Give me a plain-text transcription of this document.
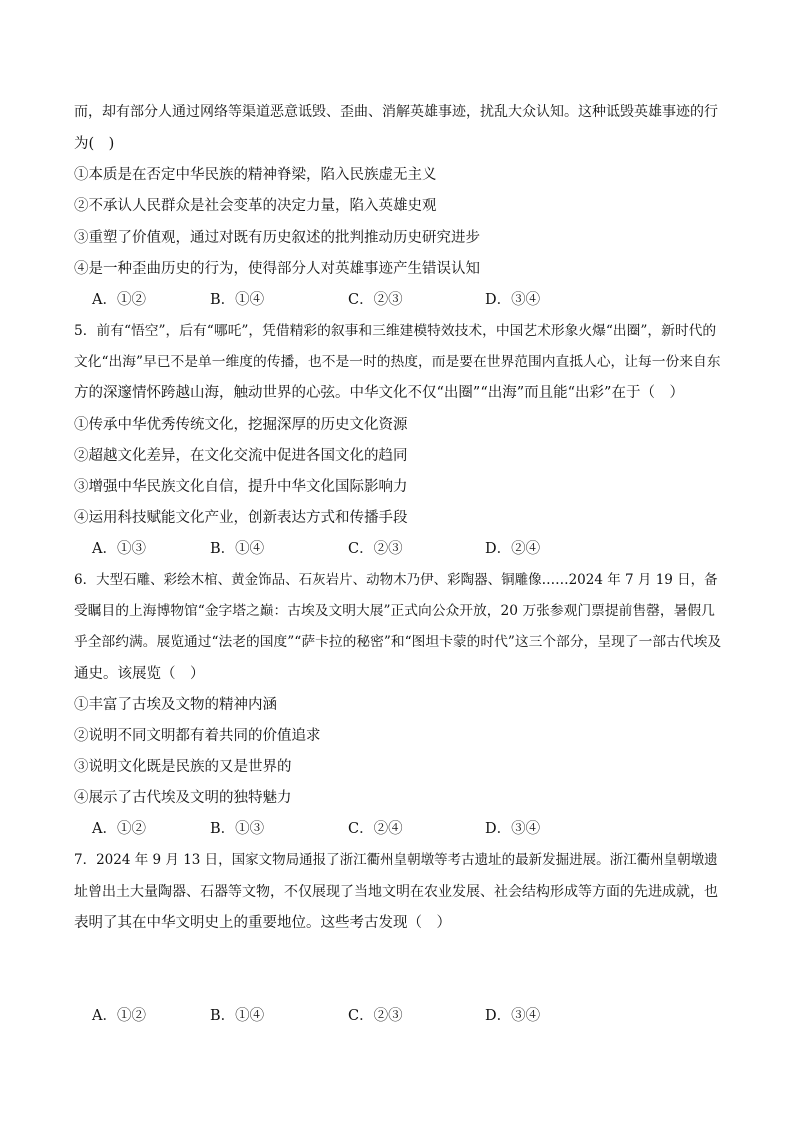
而，却有部分人通过网络等渠道恶意诋毁、歪曲、消解英雄事迹，扰乱大众认知。这种诋毁英雄事迹的行
为(　)
①本质是在否定中华民族的精神脊梁，陷入民族虚无主义
②不承认人民群众是社会变革的决定力量，陷入英雄史观
③重塑了价值观，通过对既有历史叙述的批判推动历史研究进步
④是一种歪曲历史的行为，使得部分人对英雄事迹产生错误认知
A．①②	B．①④	C．②③	D．③④
5．前有“悟空”，后有“哪吒”，凭借精彩的叙事和三维建模特效技术，中国艺术形象火爆“出圈”，新时代的
文化“出海”早已不是单一维度的传播，也不是一时的热度，而是要在世界范围内直抵人心，让每一份来自东
方的深邃情怀跨越山海，触动世界的心弦。中华文化不仅“出圈”“出海”而且能“出彩”在于（　）
①传承中华优秀传统文化，挖掘深厚的历史文化资源
②超越文化差异，在文化交流中促进各国文化的趋同
③增强中华民族文化自信，提升中华文化国际影响力
④运用科技赋能文化产业，创新表达方式和传播手段
A．①③	B．①④	C．②③	D．②④
6．大型石雕、彩绘木棺、黄金饰品、石灰岩片、动物木乃伊、彩陶器、铜雕像……2024 年 7 月 19 日，备
受瞩目的上海博物馆“金字塔之巅：古埃及文明大展”正式向公众开放，20 万张参观门票提前售罄，暑假几
乎全部约满。展览通过“法老的国度”“萨卡拉的秘密”和“图坦卡蒙的时代”这三个部分，呈现了一部古代埃及
通史。该展览（　）
①丰富了古埃及文物的精神内涵
②说明不同文明都有着共同的价值追求
③说明文化既是民族的又是世界的
④展示了古代埃及文明的独特魅力
A．①②	B．①③	C．②④	D．③④
7．2024 年 9 月 13 日，国家文物局通报了浙江衢州皇朝墩等考古遗址的最新发掘进展。浙江衢州皇朝墩遗
址曾出土大量陶器、石器等文物，不仅展现了当地文明在农业发展、社会结构形成等方面的先进成就，也
表明了其在中华文明史上的重要地位。这些考古发现（　）
A．①②	B．①④	C．②③	D．③④
